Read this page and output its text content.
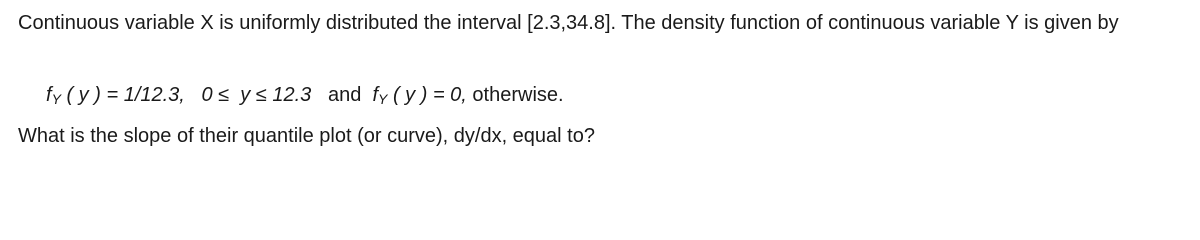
Continuous variable X is uniformly distributed the interval [2.3,34.8]. The density function of continuous variable Y is given by

fY ( y ) = 1/12.3,   0 ≤  y ≤ 12.3   and  fY ( y ) = 0, otherwise.

What is the slope of their quantile plot (or curve), dy/dx, equal to?
